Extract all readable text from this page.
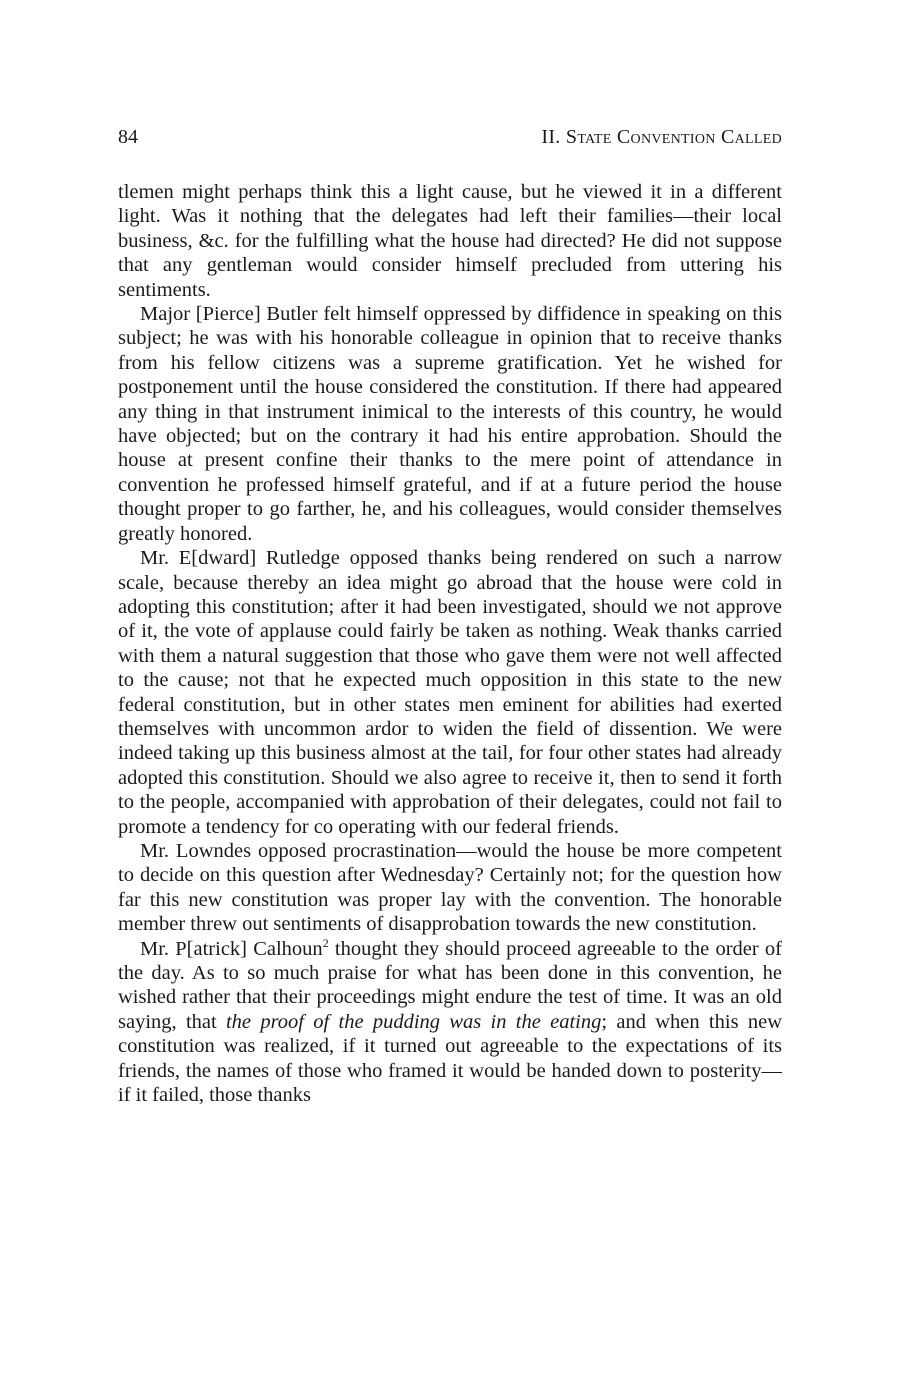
84	II. State Convention Called

tlemen might perhaps think this a light cause, but he viewed it in a different light. Was it nothing that the delegates had left their families—their local business, &c. for the fulfilling what the house had directed? He did not suppose that any gentleman would consider himself precluded from uttering his sentiments.

Major [Pierce] Butler felt himself oppressed by diffidence in speaking on this subject; he was with his honorable colleague in opinion that to receive thanks from his fellow citizens was a supreme gratification. Yet he wished for postponement until the house considered the constitution. If there had appeared any thing in that instrument inimical to the interests of this country, he would have objected; but on the contrary it had his entire approbation. Should the house at present confine their thanks to the mere point of attendance in convention he professed himself grateful, and if at a future period the house thought proper to go farther, he, and his colleagues, would consider themselves greatly honored.

Mr. E[dward] Rutledge opposed thanks being rendered on such a narrow scale, because thereby an idea might go abroad that the house were cold in adopting this constitution; after it had been investigated, should we not approve of it, the vote of applause could fairly be taken as nothing. Weak thanks carried with them a natural suggestion that those who gave them were not well affected to the cause; not that he expected much opposition in this state to the new federal constitution, but in other states men eminent for abilities had exerted themselves with uncommon ardor to widen the field of dissention. We were indeed taking up this business almost at the tail, for four other states had already adopted this constitution. Should we also agree to receive it, then to send it forth to the people, accompanied with approbation of their delegates, could not fail to promote a tendency for co operating with our federal friends.

Mr. Lowndes opposed procrastination—would the house be more competent to decide on this question after Wednesday? Certainly not; for the question how far this new constitution was proper lay with the convention. The honorable member threw out sentiments of disapprobation towards the new constitution.

Mr. P[atrick] Calhoun$^2$ thought they should proceed agreeable to the order of the day. As to so much praise for what has been done in this convention, he wished rather that their proceedings might endure the test of time. It was an old saying, that the proof of the pudding was in the eating; and when this new constitution was realized, if it turned out agreeable to the expectations of its friends, the names of those who framed it would be handed down to posterity—if it failed, those thanks
